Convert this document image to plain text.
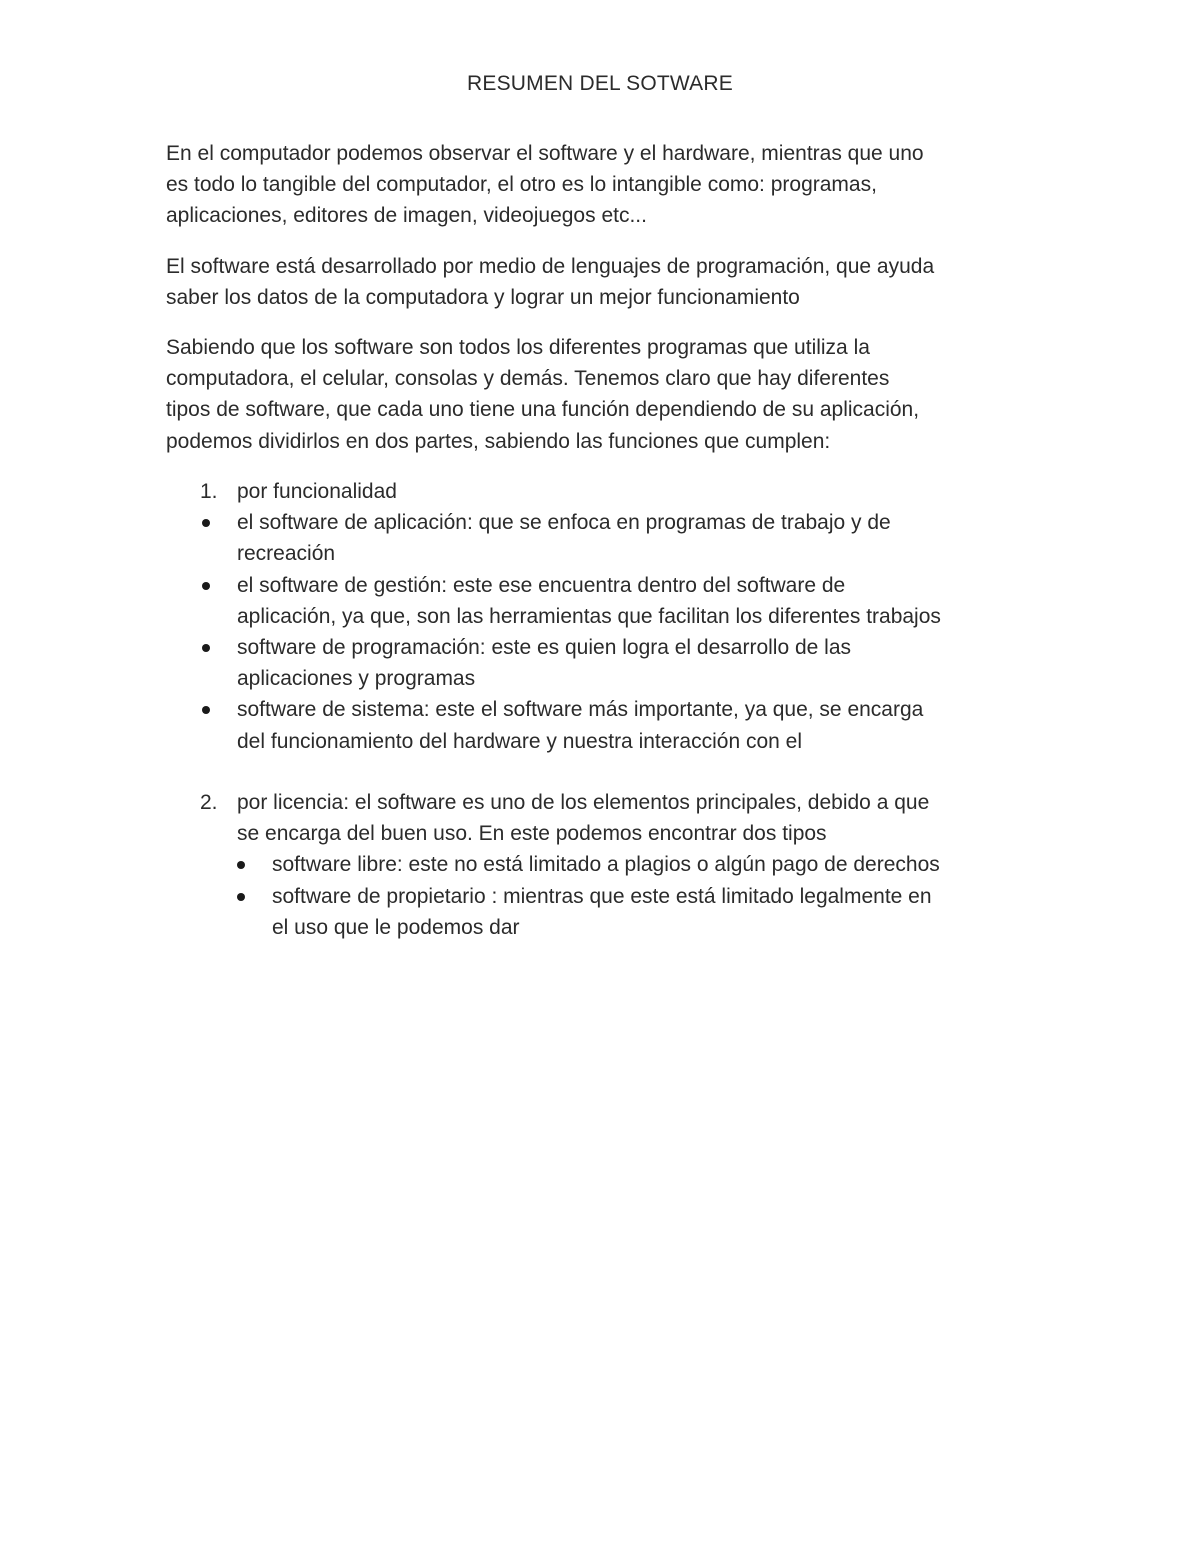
RESUMEN DEL SOTWARE
En el computador podemos observar el software y el hardware, mientras que uno
es todo lo tangible del computador, el otro es lo intangible como: programas,
aplicaciones, editores de imagen, videojuegos etc...
El software está desarrollado por medio de lenguajes de programación, que ayuda
saber los datos de la computadora y lograr un mejor funcionamiento
Sabiendo que los software son todos los diferentes programas que utiliza la
computadora, el celular, consolas y demás. Tenemos claro que hay diferentes
tipos de software, que cada uno tiene una función dependiendo de su aplicación,
podemos dividirlos en dos partes, sabiendo las funciones que cumplen:
1. por funcionalidad
el software de aplicación: que se enfoca en programas de trabajo y de
recreación
el software de gestión: este ese encuentra dentro del software de
aplicación, ya que, son las herramientas que facilitan los diferentes trabajos
software de programación: este es quien logra el desarrollo de las
aplicaciones y programas
software de sistema: este el software más importante, ya que, se encarga
del funcionamiento del hardware y nuestra interacción con el
2. por licencia: el software es uno de los elementos principales, debido a que
se encarga del buen uso. En este podemos encontrar dos tipos
software libre: este no está limitado a plagios o algún pago de derechos
software de propietario : mientras que este está limitado legalmente en
el uso que le podemos dar
